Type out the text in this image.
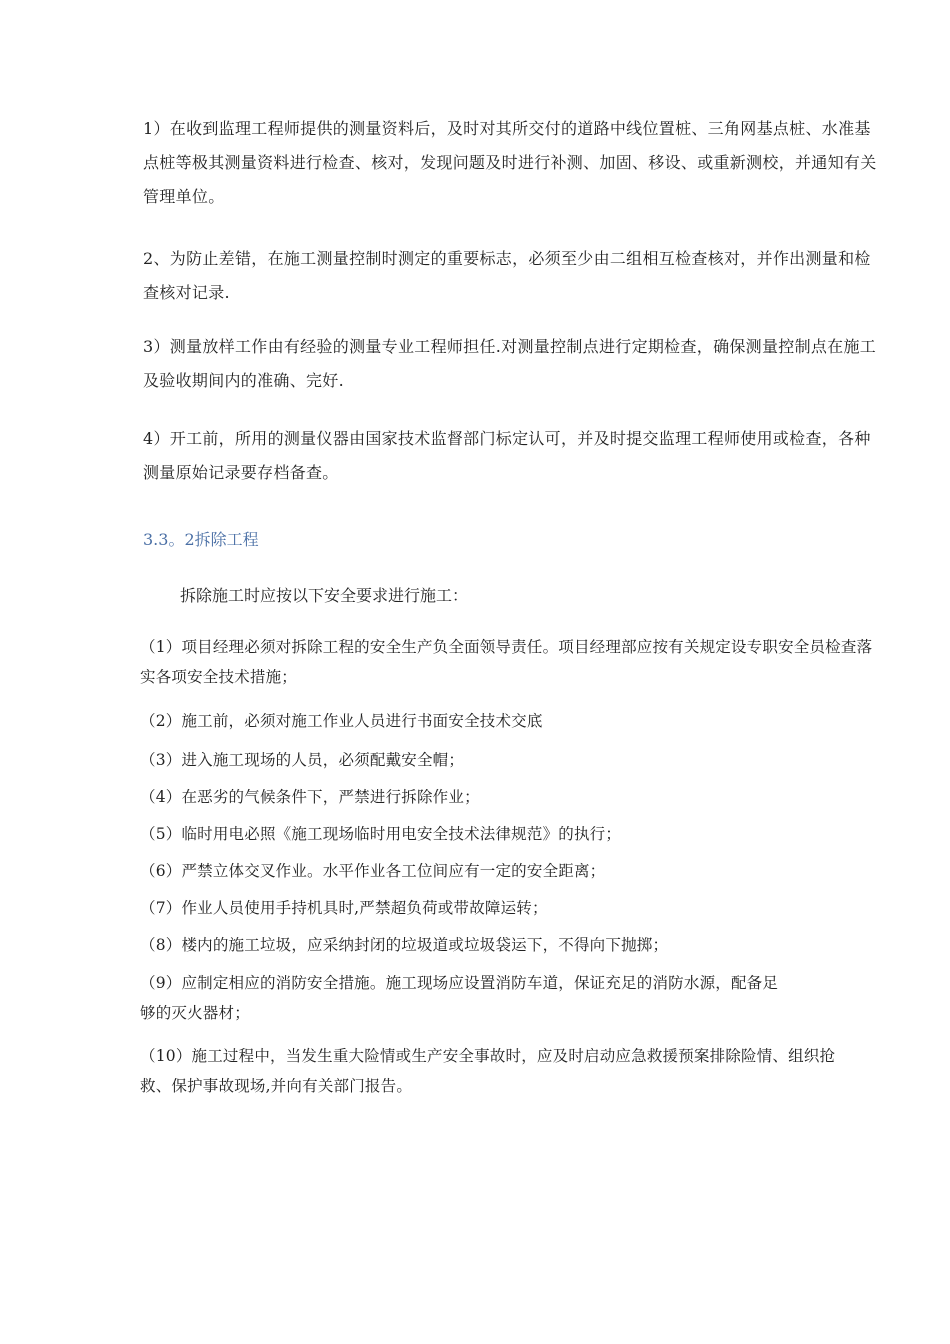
1）在收到监理工程师提供的测量资料后，及时对其所交付的道路中线位置桩、三角网基点桩、水准基点桩等极其测量资料进行检查、核对，发现问题及时进行补测、加固、移设、或重新测校，并通知有关管理单位。

2、为防止差错，在施工测量控制时测定的重要标志，必须至少由二组相互检查核对，并作出测量和检查核对记录.

3）测量放样工作由有经验的测量专业工程师担任.对测量控制点进行定期检查，确保测量控制点在施工及验收期间内的准确、完好.

4）开工前，所用的测量仪器由国家技术监督部门标定认可，并及时提交监理工程师使用或检查，各种测量原始记录要存档备查。

3.3。2拆除工程

拆除施工时应按以下安全要求进行施工：

（1）项目经理必须对拆除工程的安全生产负全面领导责任。项目经理部应按有关规定设专职安全员检查落实各项安全技术措施；

（2）施工前，必须对施工作业人员进行书面安全技术交底

（3）进入施工现场的人员，必须配戴安全帽；

（4）在恶劣的气候条件下，严禁进行拆除作业；

（5）临时用电必照《施工现场临时用电安全技术法律规范》的执行；

（6）严禁立体交叉作业。水平作业各工位间应有一定的安全距离；

（7）作业人员使用手持机具时,严禁超负荷或带故障运转；

（8）楼内的施工垃圾，应采纳封闭的垃圾道或垃圾袋运下，不得向下抛掷；

（9）应制定相应的消防安全措施。施工现场应设置消防车道，保证充足的消防水源，配备足够的灭火器材；

（10）施工过程中，当发生重大险情或生产安全事故时，应及时启动应急救援预案排除险情、组织抢救、保护事故现场,并向有关部门报告。
